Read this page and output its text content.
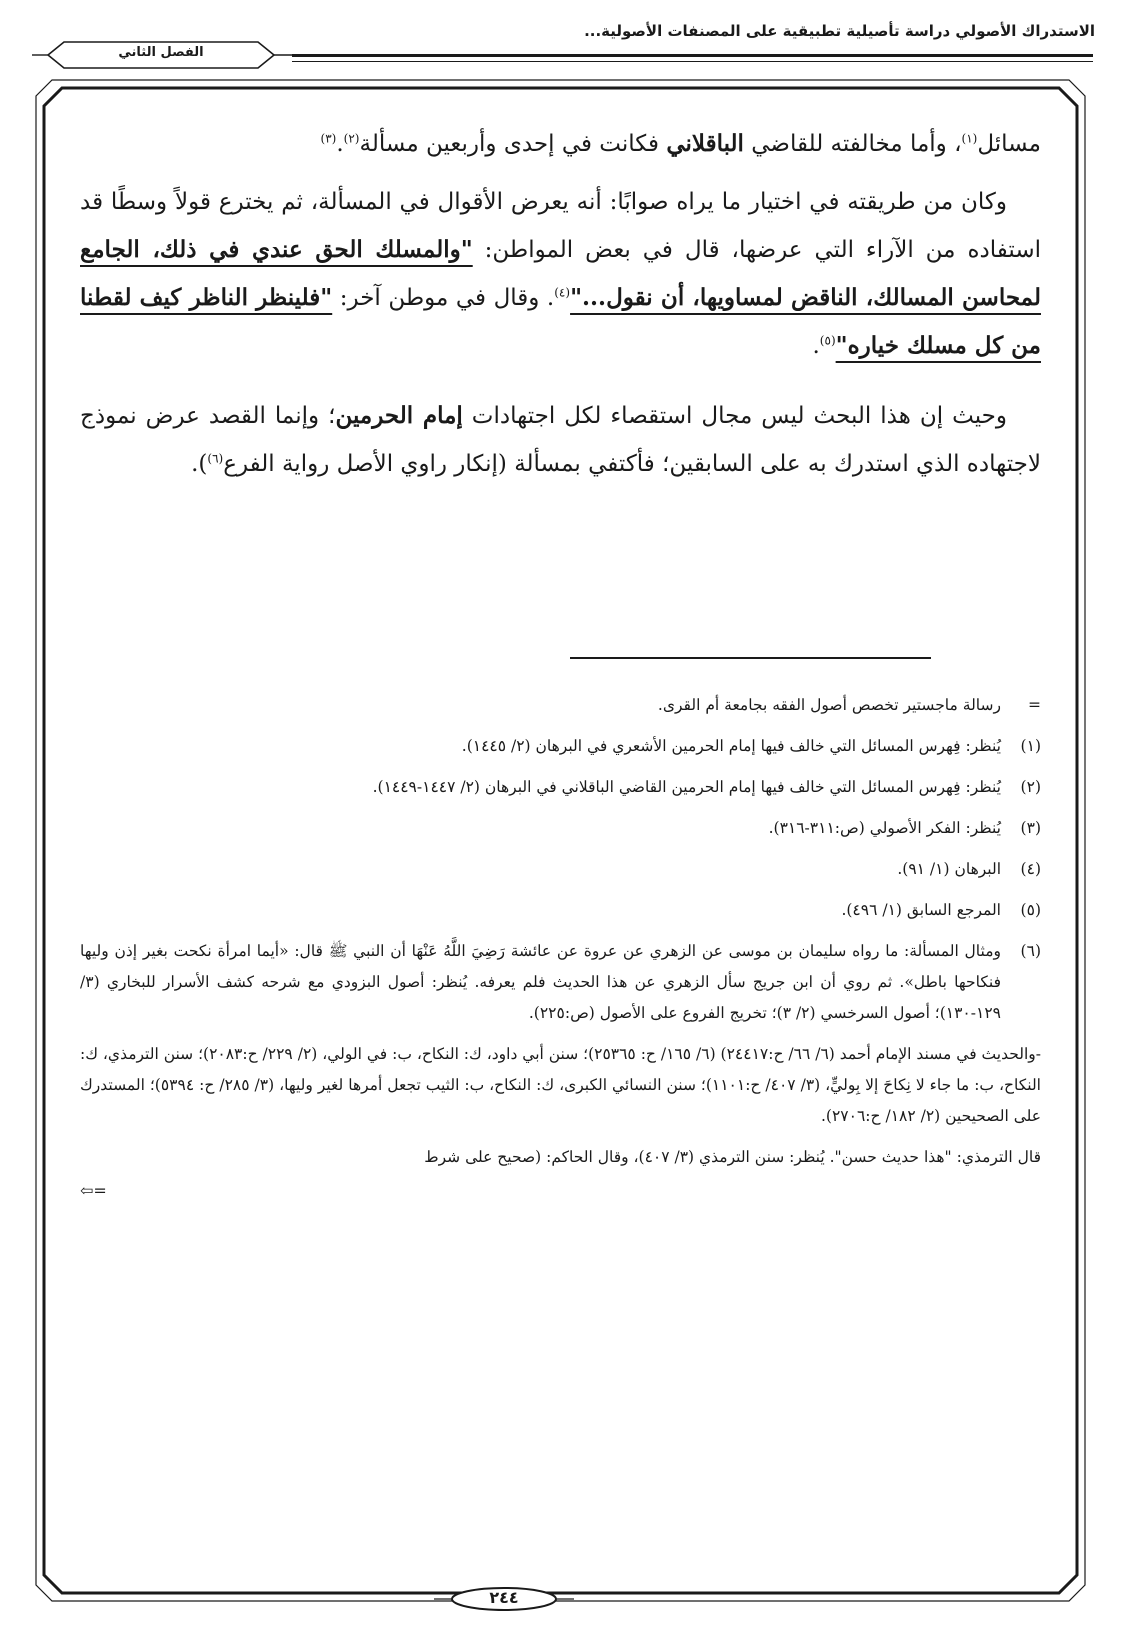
الاستدراك الأصولي دراسة تأصيلية تطبيقية على المصنفات الأصولية...
الفصل الثاني

مسائل$^{(١)}$، وأما مخالفته للقاضي الباقلاني فكانت في إحدى وأربعين مسألة$^{(٢)}$.$^{(٣)}$

وكان من طريقته في اختيار ما يراه صوابًا: أنه يعرض الأقوال في المسألة، ثم يخترع قولاً وسطًا قد استفاده من الآراء التي عرضها، قال في بعض المواطن: "والمسلك الحق عندي في ذلك، الجامع لمحاسن المسالك، الناقض لمساويها، أن نقول..."$^{(٤)}$. وقال في موطن آخر: "فلينظر الناظر كيف لقطنا من كل مسلك خياره"$^{(٥)}$.

وحيث إن هذا البحث ليس مجال استقصاء لكل اجتهادات إمام الحرمين؛ وإنما القصد عرض نموذج لاجتهاده الذي استدرك به على السابقين؛ فأكتفي بمسألة (إنكار راوي الأصل رواية الفرع$^{(٦)}$).

=
رسالة ماجستير تخصص أصول الفقه بجامعة أم القرى.
(١)
يُنظر: فِهرس المسائل التي خالف فيها إمام الحرمين الأشعري في البرهان (٢/ ١٤٤٥).
(٢)
يُنظر: فِهرس المسائل التي خالف فيها إمام الحرمين القاضي الباقلاني في البرهان (٢/ ١٤٤٧-١٤٤٩).
(٣)
يُنظر: الفكر الأصولي (ص:٣١١-٣١٦).
(٤)
البرهان (١/ ٩١).
(٥)
المرجع السابق (١/ ٤٩٦).
(٦)
ومثال المسألة: ما رواه سليمان بن موسى عن الزهري عن عروة عن عائشة رَضِيَ اللَّهُ عَنْهَا أن النبي ﷺ قال: «أيما امرأة نكحت بغير إذن وليها فنكاحها باطل». ثم روي أن ابن جريج سأل الزهري عن هذا الحديث فلم يعرفه. يُنظر: أصول البزودي مع شرحه كشف الأسرار للبخاري (٣/ ١٢٩-١٣٠)؛ أصول السرخسي (٢/ ٣)؛ تخريج الفروع على الأصول (ص:٢٢٥).

-والحديث في مسند الإمام أحمد (٦/ ٦٦/ ح:٢٤٤١٧) (٦/ ١٦٥/ ح: ٢٥٣٦٥)؛ سنن أبي داود، ك: النكاح، ب: في الولي، (٢/ ٢٢٩/ ح:٢٠٨٣)؛ سنن الترمذي، ك: النكاح، ب: ما جاء لا نِكاحَ إلا بِوليٍّ، (٣/ ٤٠٧/ ح:١١٠١)؛ سنن النسائي الكبرى، ك: النكاح، ب: الثيب تجعل أمرها لغير وليها، (٣/ ٢٨٥/ ح: ٥٣٩٤)؛ المستدرك على الصحيحين (٢/ ١٨٢/ ح:٢٧٠٦).

قال الترمذي: "هذا حديث حسن". يُنظر: سنن الترمذي (٣/ ٤٠٧)، وقال الحاكم: (صحيح على شرط

⇦=
٢٤٤
